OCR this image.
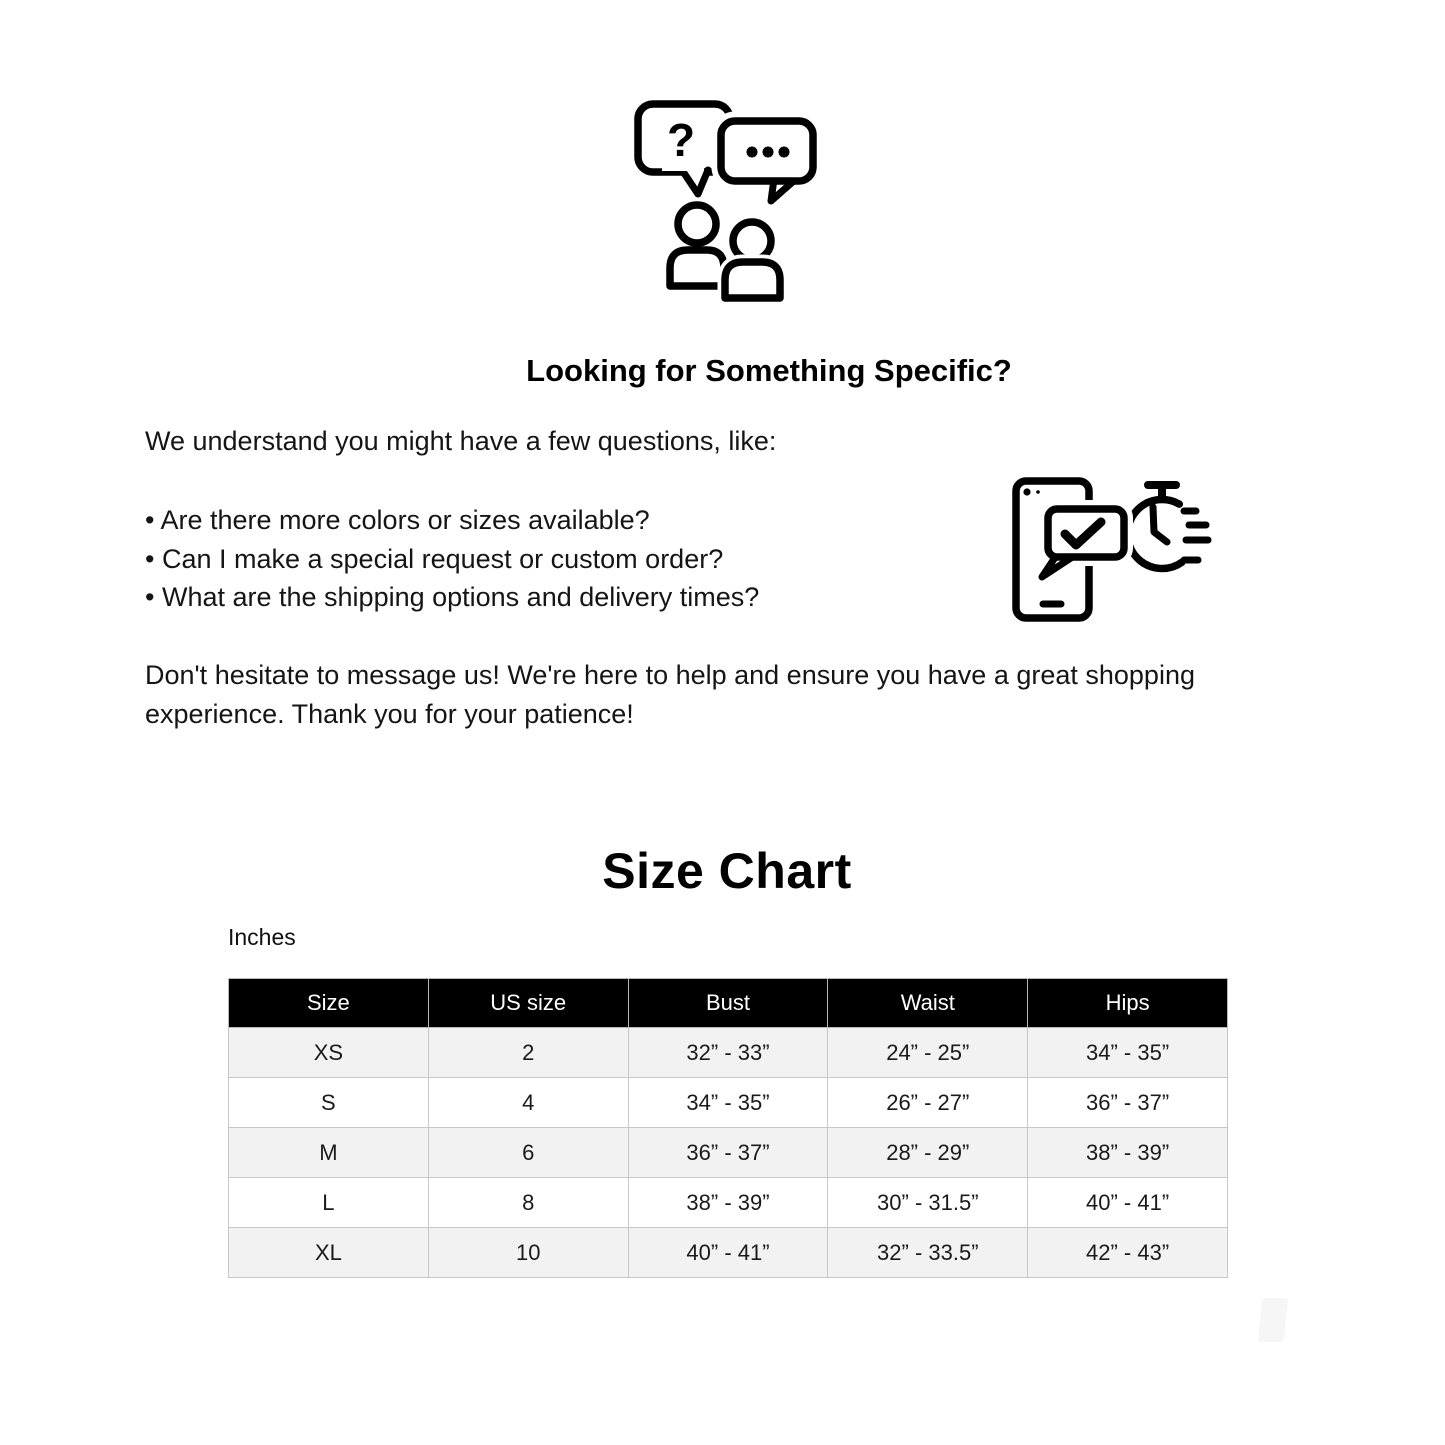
?
Looking for Something Specific?

We understand you might have a few questions, like:

• Are there more colors or sizes available?
• Can I make a special request or custom order?
• What are the shipping options and delivery times?

Don't hesitate to message us! We're here to help and ensure you have a great shopping experience. Thank you for your patience!

Size Chart
Inches
Size	US size	Bust	Waist	Hips
XS	2	32” - 33”	24” - 25”	34” - 35”
S	4	34” - 35”	26” - 27”	36” - 37”
M	6	36” - 37”	28” - 29”	38” - 39”
L	8	38” - 39”	30” - 31.5”	40” - 41”
XL	10	40” - 41”	32” - 33.5”	42” - 43”
